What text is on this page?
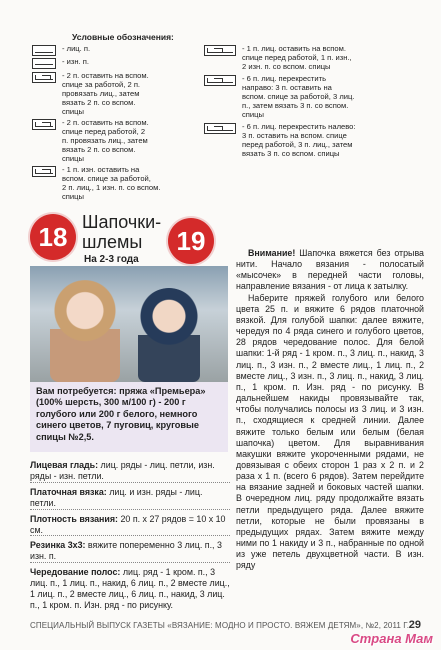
Условные обозначения:
- лиц. п.
- изн. п.
- 2 п. оставить на вспом.
спице за работой, 2 п.
провязать лиц., затем
вязать 2 п. со вспом.
спицы
- 2 п. оставить на вспом.
спице перед работой, 2
п. провязать лиц., затем
вязать 2 п. со вспом.
спицы
- 1 п. изн. оставить на
вспом. спице за работой,
2 п. лиц., 1 изн. п. со вспом.
спицы
- 1 п. лиц. оставить на вспом.
спице перед работой, 1 п. изн.,
2 изн. п. со вспом. спицы
- 6 п. лиц. перекрестить
направо: 3 п. оставить на
вспом. спице за работой, 3 лиц.
п., затем вязать 3 п. со вспом.
спицы
- 6 п. лиц. перекрестить налево:
3 п. оставить на вспом. спице
перед работой, 3 п. лиц., затем
вязать 3 п. со вспом. спицы
18 Шапочки-
шлемы	19
На 2-3 года
Вам потребуется: пряжа «Премьера» (100% шерсть, 300 м/100 г) - 200 г голубого или 200 г белого, немного синего цветов, 7 пуговиц, круговые спицы №2,5.

Лицевая гладь: лиц. ряды - лиц. петли, изн. ряды - изн. петли.

Платочная вязка: лиц. и изн. ряды - лиц. петли.

Плотность вязания: 20 п. х 27 рядов = 10 х 10 см.

Резинка 3х3: вяжите попеременно 3 лиц. п., 3 изн. п.

Чередование полос: лиц. ряд - 1 кром. п., 3 лиц. п., 1 лиц. п., накид, 6 лиц. п., 2 вместе лиц., 1 лиц. п., 2 вместе лиц., 6 лиц. п., накид, 3 лиц. п., 1 кром. п. Изн. ряд - по рисунку.

Внимание! Шапочка вяжется без отрыва нити. Начало вязания - полосатый «мысочек» в передней части головы, направление вязания - от лица к затылку.

Наберите пряжей голубого или белого цвета 25 п. и вяжите 6 рядов платочной вязкой. Для голубой шапки: далее вяжите, чередуя по 4 ряда синего и голубого цветов, 28 рядов чередование полос. Для белой шапки: 1-й ряд - 1 кром. п., 3 лиц. п., накид, 3 лиц. п., 3 изн. п., 2 вместе лиц., 1 лиц. п., 2 вместе лиц., 3 изн. п., 3 лиц. п., накид, 3 лиц. п., 1 кром. п. Изн. ряд - по рисунку. В дальнейшем накиды провязывайте так, чтобы получались полосы из 3 лиц. и 3 изн. п., сходящиеся к средней линии. Далее вяжите только белым или белым (белая шапочка) цветом. Для выравнивания макушки вяжите укороченными рядами, не довязывая с обеих сторон 1 раз х 2 п. и 2 раза х 1 п. (всего 6 рядов). Затем перейдите на вязание задней и боковых частей шапки. В очередном лиц. ряду продолжайте вязать петли предыдущего ряда. Далее вяжите петли, которые не были провязаны в предыдущих рядах. Затем вяжите между ними по 1 накиду и 3 п., набранные по одной из уже петель двухцветной части. В изн. ряду

СПЕЦИАЛЬНЫЙ ВЫПУСК ГАЗЕТЫ «ВЯЗАНИЕ: МОДНО И ПРОСТО. ВЯЖЕМ ДЕТЯМ», №2, 2011 Г. 29
Страна Мам
